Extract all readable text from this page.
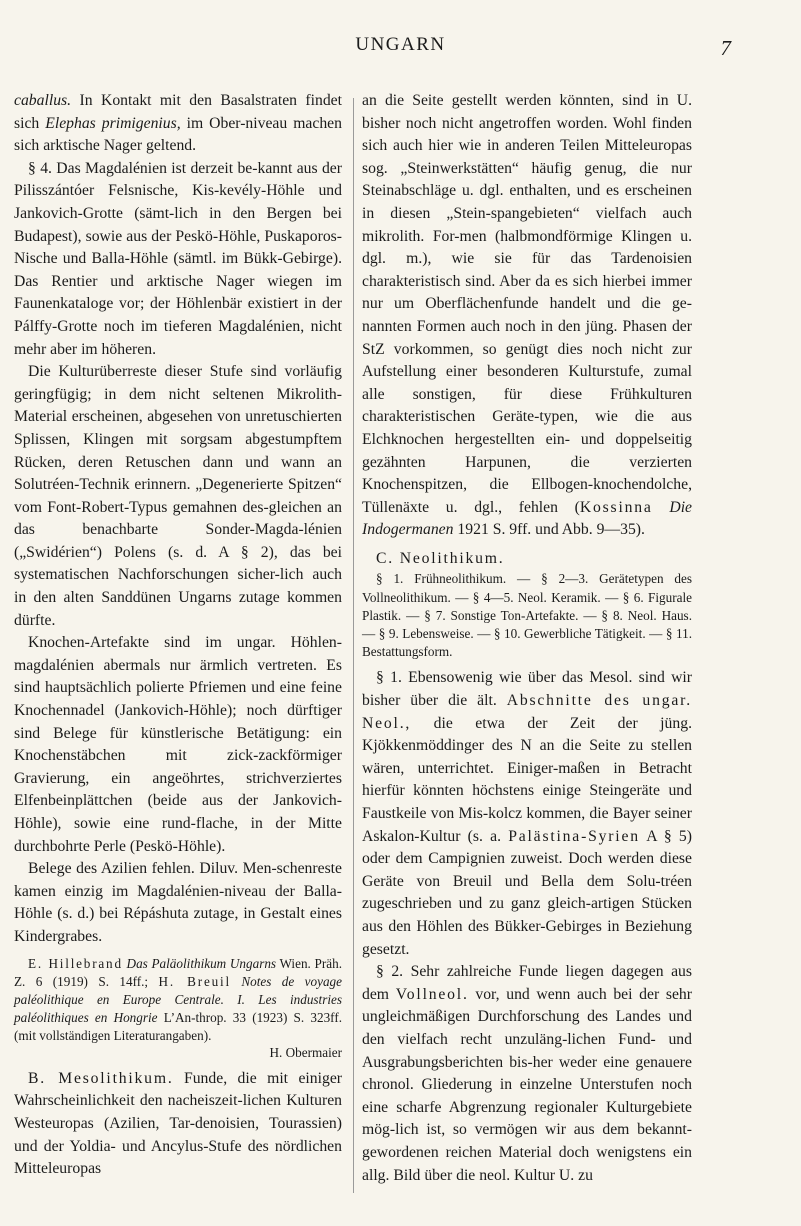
UNGARN	7

caballus. In Kontakt mit den Basalstraten findet sich Elephas primigenius, im Ober-niveau machen sich arktische Nager geltend.

§ 4. Das Magdalénien ist derzeit be-kannt aus der Pilisszántóer Felsnische, Kis-kevély-Höhle und Jankovich-Grotte (sämt-lich in den Bergen bei Budapest), sowie aus der Peskö-Höhle, Puskaporos-Nische und Balla-Höhle (sämtl. im Bükk-Gebirge). Das Rentier und arktische Nager wiegen im Faunenkataloge vor; der Höhlenbär existiert in der Pálffy-Grotte noch im tieferen Magdalénien, nicht mehr aber im höheren.

Die Kulturüberreste dieser Stufe sind vorläufig geringfügig; in dem nicht seltenen Mikrolith-Material erscheinen, abgesehen von unretuschierten Splissen, Klingen mit sorgsam abgestumpftem Rücken, deren Retuschen dann und wann an Solutréen-Technik erinnern. „Degenerierte Spitzen“ vom Font-Robert-Typus gemahnen des-gleichen an das benachbarte Sonder-Magda-lénien („Swidérien“) Polens (s. d. A § 2), das bei systematischen Nachforschungen sicher-lich auch in den alten Sanddünen Ungarns zutage kommen dürfte.

Knochen-Artefakte sind im ungar. Höhlen-magdalénien abermals nur ärmlich vertreten. Es sind hauptsächlich polierte Pfriemen und eine feine Knochennadel (Jankovich-Höhle); noch dürftiger sind Belege für künstlerische Betätigung: ein Knochenstäbchen mit zick-zackförmiger Gravierung, ein angeöhrtes, strichverziertes Elfenbeinplättchen (beide aus der Jankovich-Höhle), sowie eine rund-flache, in der Mitte durchbohrte Perle (Peskö-Höhle).

Belege des Azilien fehlen. Diluv. Men-schenreste kamen einzig im Magdalénien-niveau der Balla-Höhle (s. d.) bei Répáshuta zutage, in Gestalt eines Kindergrabes.

E. Hillebrand Das Paläolithikum Ungarns Wien. Präh. Z. 6 (1919) S. 14ff.; H. Breuil Notes de voyage paléolithique en Europe Centrale. I. Les industries paléolithiques en Hongrie L’An-throp. 33 (1923) S. 323ff. (mit vollständigen Literaturangaben).

H. Obermaier

B. Mesolithikum. Funde, die mit einiger Wahrscheinlichkeit den nacheiszeit-lichen Kulturen Westeuropas (Azilien, Tar-denoisien, Tourassien) und der Yoldia- und Ancylus-Stufe des nördlichen Mitteleuropas

an die Seite gestellt werden könnten, sind in U. bisher noch nicht angetroffen worden. Wohl finden sich auch hier wie in anderen Teilen Mitteleuropas sog. „Steinwerkstätten“ häufig genug, die nur Steinabschläge u. dgl. enthalten, und es erscheinen in diesen „Stein-spangebieten“ vielfach auch mikrolith. For-men (halbmondförmige Klingen u. dgl. m.), wie sie für das Tardenoisien charakteristisch sind. Aber da es sich hierbei immer nur um Oberflächenfunde handelt und die ge-nannten Formen auch noch in den jüng. Phasen der StZ vorkommen, so genügt dies noch nicht zur Aufstellung einer besonderen Kulturstufe, zumal alle sonstigen, für diese Frühkulturen charakteristischen Geräte-typen, wie die aus Elchknochen hergestellten ein- und doppelseitig gezähnten Harpunen, die verzierten Knochenspitzen, die Ellbogen-knochendolche, Tüllenäxte u. dgl., fehlen (Kossinna Die Indogermanen 1921 S. 9ff. und Abb. 9—35).

C. Neolithikum.

§ 1. Frühneolithikum. — § 2—3. Gerätetypen des Vollneolithikum. — § 4—5. Neol. Keramik. — § 6. Figurale Plastik. — § 7. Sonstige Ton-Artefakte. — § 8. Neol. Haus. — § 9. Lebensweise. — § 10. Gewerbliche Tätigkeit. — § 11. Bestattungsform.

§ 1. Ebensowenig wie über das Mesol. sind wir bisher über die ält. Abschnitte des ungar. Neol., die etwa der Zeit der jüng. Kjökkenmöddinger des N an die Seite zu stellen wären, unterrichtet. Einiger-maßen in Betracht hierfür könnten höchstens einige Steingeräte und Faustkeile von Mis-kolcz kommen, die Bayer seiner Askalon-Kultur (s. a. Palästina-Syrien A § 5) oder dem Campignien zuweist. Doch werden diese Geräte von Breuil und Bella dem Solu-tréen zugeschrieben und zu ganz gleich-artigen Stücken aus den Höhlen des Bükker-Gebirges in Beziehung gesetzt.

§ 2. Sehr zahlreiche Funde liegen dagegen aus dem Vollneol. vor, und wenn auch bei der sehr ungleichmäßigen Durchforschung des Landes und den vielfach recht unzuläng-lichen Fund- und Ausgrabungsberichten bis-her weder eine genauere chronol. Gliederung in einzelne Unterstufen noch eine scharfe Abgrenzung regionaler Kulturgebiete mög-lich ist, so vermögen wir aus dem bekannt-gewordenen reichen Material doch wenigstens ein allg. Bild über die neol. Kultur U. zu
